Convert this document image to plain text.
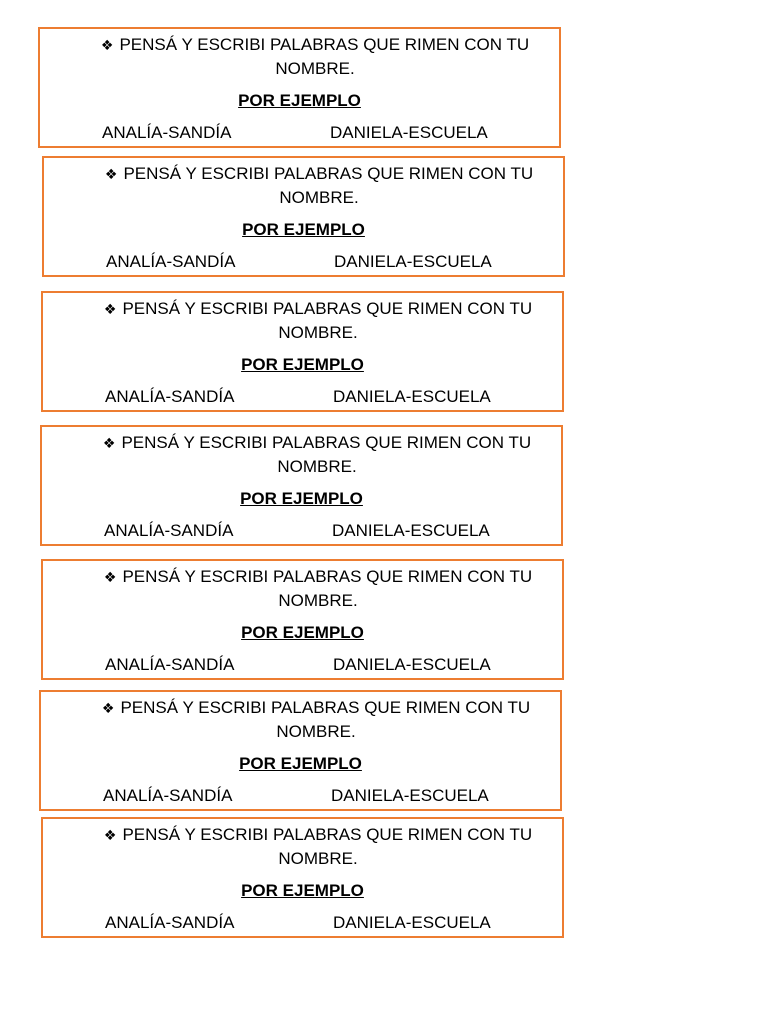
❖ PENSÁ Y ESCRIBI PALABRAS QUE RIMEN CON TU NOMBRE.
POR EJEMPLO
ANALÍA-SANDÍA	DANIELA-ESCUELA
❖ PENSÁ Y ESCRIBI PALABRAS QUE RIMEN CON TU NOMBRE.
POR EJEMPLO
ANALÍA-SANDÍA	DANIELA-ESCUELA
❖ PENSÁ Y ESCRIBI PALABRAS QUE RIMEN CON TU NOMBRE.
POR EJEMPLO
ANALÍA-SANDÍA	DANIELA-ESCUELA
❖ PENSÁ Y ESCRIBI PALABRAS QUE RIMEN CON TU NOMBRE.
POR EJEMPLO
ANALÍA-SANDÍA	DANIELA-ESCUELA
❖ PENSÁ Y ESCRIBI PALABRAS QUE RIMEN CON TU NOMBRE.
POR EJEMPLO
ANALÍA-SANDÍA	DANIELA-ESCUELA
❖ PENSÁ Y ESCRIBI PALABRAS QUE RIMEN CON TU NOMBRE.
POR EJEMPLO
ANALÍA-SANDÍA	DANIELA-ESCUELA
❖ PENSÁ Y ESCRIBI PALABRAS QUE RIMEN CON TU NOMBRE.
POR EJEMPLO
ANALÍA-SANDÍA	DANIELA-ESCUELA
